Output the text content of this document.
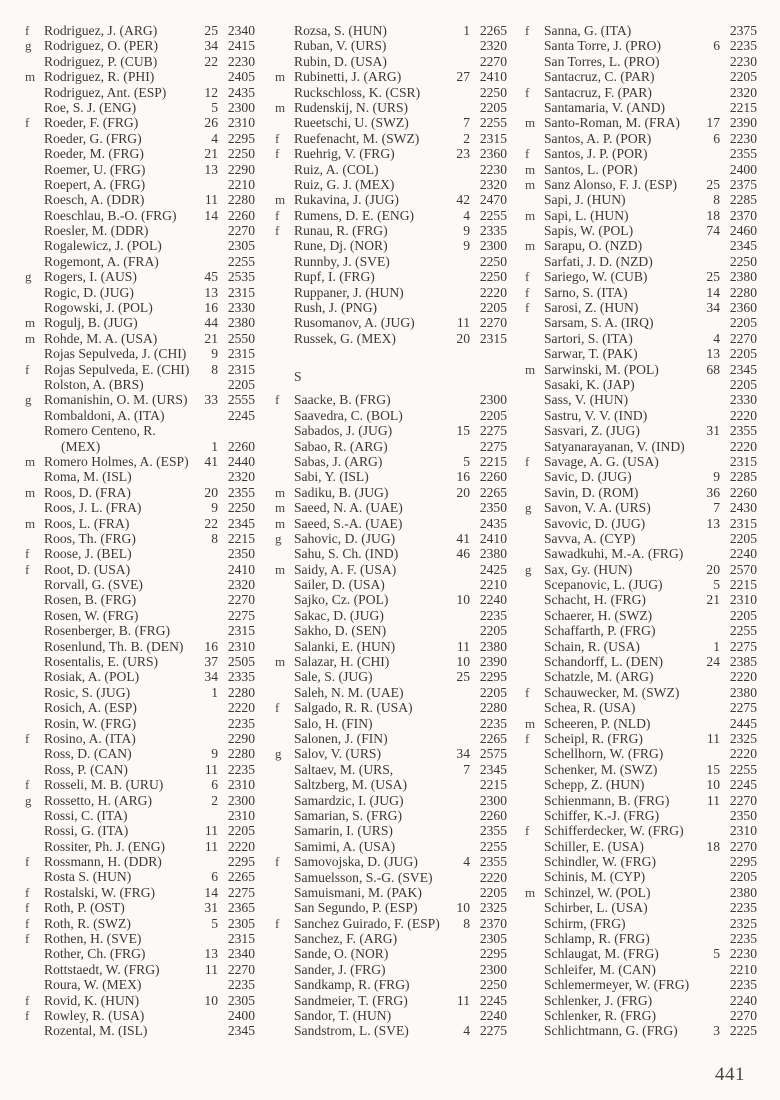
f	Rodriguez, J. (ARG)	25 2340
g Rodriguez, O. (PER)	34 2415
Rodriguez, P. (CUB)	22 2230
m Rodriguez, R. (PHI)	2405
Rodriguez, Ant. (ESP)	12 2435
Roe, S. J. (ENG)	5 2300
f	Roeder, F. (FRG)	26 2310
Roeder, G. (FRG)	4 2295
Roeder, M. (FRG)	21 2250
Roemer, U. (FRG)	13 2290
Roepert, A. (FRG)	2210
Roesch, A. (DDR)	11 2280
Roeschlau, B.-O. (FRG)	14 2260
Roesler, M. (DDR)	2270
Rogalewicz, J. (POL)	2305
Rogemont, A. (FRA)	2255
g Rogers, I. (AUS)	45 2535
Rogic, D. (JUG)	13 2315
Rogowski, J. (POL)	16 2330
m Rogulj, B. (JUG)	44 2380
m Rohde, M. A. (USA)	21 2550
Rojas Sepulveda, J. (CHI)	9 2315
f	Rojas Sepulveda, E. (CHI)	8 2315
Rolston, A. (BRS)	2205
g Romanishin, O. M. (URS)	33 2555
Rombaldoni, A. (ITA)	2245
Romero Centeno, R.
(MEX)	1 2260
m Romero Holmes, A. (ESP)	41 2440
Roma, M. (ISL)	2320
m Roos, D. (FRA)	20 2355
Roos, J. L. (FRA)	9 2250
m Roos, L. (FRA)	22 2345
Roos, Th. (FRG)	8 2215
f	Roose, J. (BEL)	2350
f	Root, D. (USA)	2410
Rorvall, G. (SVE)	2320
Rosen, B. (FRG)	2270
Rosen, W. (FRG)	2275
Rosenberger, B. (FRG)	2315
Rosenlund, Th. B. (DEN)	16 2310
Rosentalis, E. (URS)	37 2505
Rosiak, A. (POL)	34 2335
Rosic, S. (JUG)	1 2280
Rosich, A. (ESP)	2220
Rosin, W. (FRG)	2235
f	Rosino, A. (ITA)	2290
Ross, D. (CAN)	9 2280
Ross, P. (CAN)	11 2235
f	Rosseli, M. B. (URU)	6 2310
g Rossetto, H. (ARG)	2 2300
Rossi, C. (ITA)	2310
Rossi, G. (ITA)	11 2205
Rossiter, Ph. J. (ENG)	11 2220
f	Rossmann, H. (DDR)	2295
Rosta S. (HUN)	6 2265
f	Rostalski, W. (FRG)	14 2275
f	Roth, P. (OST)	31 2365
f	Roth, R. (SWZ)	5 2305
f	Rothen, H. (SVE)	2315
Rother, Ch. (FRG)	13 2340
Rottstaedt, W. (FRG)	11 2270
Roura, W. (MEX)	2235
f	Rovid, K. (HUN)	10 2305
f	Rowley, R. (USA)	2400
Rozental, M. (ISL)	2345
Rozsa, S. (HUN)	1 2265
Ruban, V. (URS)	2320
Rubin, D. (USA)	2270
m Rubinetti, J. (ARG)	27 2410
Ruckschloss, K. (CSR)	2250
m Rudenskij, N. (URS)	2205
Rueetschi, U. (SWZ)	7 2255
f	Ruefenacht, M. (SWZ)	2 2315
f	Ruehrig, V. (FRG)	23 2360
Ruiz, A. (COL)	2230
Ruiz, G. J. (MEX)	2320
m Rukavina, J. (JUG)	42 2470
f	Rumens, D. E. (ENG)	4 2255
f	Runau, R. (FRG)	9 2335
Rune, Dj. (NOR)	9 2300
Runnby, J. (SVE)	2250
Rupf, I. (FRG)	2250
Ruppaner, J. (HUN)	2220
Rush, J. (PNG)	2205
Rusomanov, A. (JUG)	11 2270
Russek, G. (MEX)	20 2315
S
f	Saacke, B. (FRG)	2300
Saavedra, C. (BOL)	2205
Sabados, J. (JUG)	15 2275
Sabao, R. (ARG)	2275
Sabas, J. (ARG)	5 2215
Sabi, Y. (ISL)	16 2260
m Sadiku, B. (JUG)	20 2265
m Saeed, N. A. (UAE)	2350
m Saeed, S.-A. (UAE)	2435
g Sahovic, D. (JUG)	41 2410
Sahu, S. Ch. (IND)	46 2380
m Saidy, A. F. (USA)	2425
Sailer, D. (USA)	2210
Sajko, Cz. (POL)	10 2240
Sakac, D. (JUG)	2235
Sakho, D. (SEN)	2205
Salanki, E. (HUN)	11 2380
m Salazar, H. (CHI)	10 2390
Sale, S. (JUG)	25 2295
Saleh, N. M. (UAE)	2205
f	Salgado, R. R. (USA)	2280
Salo, H. (FIN)	2235
Salonen, J. (FIN)	2265
g Salov, V. (URS)	34 2575
Saltaev, M. (URS,	7 2345
Saltzberg, M. (USA)	2215
Samardzic, I. (JUG)	2300
Samarian, S. (FRG)	2260
Samarin, I. (URS)	2355
Samimi, A. (USA)	2255
f	Samovojska, D. (JUG)	4 2355
Samuelsson, S.-G. (SVE)	2220
Samuismani, M. (PAK)	2205
San Segundo, P. (ESP)	10 2325
f	Sanchez Guirado, F. (ESP)	8 2370
Sanchez, F. (ARG)	2305
Sande, O. (NOR)	2295
Sander, J. (FRG)	2300
Sandkamp, R. (FRG)	2250
Sandmeier, T. (FRG)	11 2245
Sandor, T. (HUN)	2240
Sandstrom, L. (SVE)	4 2275
f	Sanna, G. (ITA)	2375
Santa Torre, J. (PRO)	6 2235
San Torres, L. (PRO)	2230
Santacruz, C. (PAR)	2205
f	Santacruz, F. (PAR)	2320
Santamaria, V. (AND)	2215
m Santo-Roman, M. (FRA)	17 2390
Santos, A. P. (POR)	6 2230
f	Santos, J. P. (POR)	2355
m Santos, L. (POR)	2400
m Sanz Alonso, F. J. (ESP)	25 2375
Sapi, J. (HUN)	8 2285
m Sapi, L. (HUN)	18 2370
Sapis, W. (POL)	74 2460
m Sarapu, O. (NZD)	2345
Sarfati, J. D. (NZD)	2250
f	Sariego, W. (CUB)	25 2380
f	Sarno, S. (ITA)	14 2280
f	Sarosi, Z. (HUN)	34 2360
Sarsam, S. A. (IRQ)	2205
Sartori, S. (ITA)	4 2270
Sarwar, T. (PAK)	13 2205
m Sarwinski, M. (POL)	68 2345
Sasaki, K. (JAP)	2205
Sass, V. (HUN)	2330
Sastru, V. V. (IND)	2220
Sasvari, Z. (JUG)	31 2355
Satyanarayanan, V. (IND)	2220
f	Savage, A. G. (USA)	2315
Savic, D. (JUG)	9 2285
Savin, D. (ROM)	36 2260
g Savon, V. A. (URS)	7 2430
Savovic, D. (JUG)	13 2315
Savva, A. (CYP)	2205
Sawadkuhi, M.-A. (FRG)	2240
g Sax, Gy. (HUN)	20 2570
Scepanovic, L. (JUG)	5 2215
Schacht, H. (FRG)	21 2310
Schaerer, H. (SWZ)	2205
Schaffarth, P. (FRG)	2255
Schain, R. (USA)	1 2275
Schandorff, L. (DEN)	24 2385
Schatzle, M. (ARG)	2220
f	Schauwecker, M. (SWZ)	2380
Schea, R. (USA)	2275
m Scheeren, P. (NLD)	2445
f	Scheipl, R. (FRG)	11 2325
Schellhorn, W. (FRG)	2220
Schenker, M. (SWZ)	15 2255
Schepp, Z. (HUN)	10 2245
Schienmann, B. (FRG)	11 2270
Schiffer, K.-J. (FRG)	2350
f	Schifferdecker, W. (FRG)	2310
Schiller, E. (USA)	18 2270
Schindler, W. (FRG)	2295
Schinis, M. (CYP)	2205
m Schinzel, W. (POL)	2380
Schirber, L. (USA)	2235
Schirm, (FRG)	2325
Schlamp, R. (FRG)	2235
Schlaugat, M. (FRG)	5 2230
Schleifer, M. (CAN)	2210
Schlemermeyer, W. (FRG)	2235
Schlenker, J. (FRG)	2240
Schlenker, R. (FRG)	2270
Schlichtmann, G. (FRG)	3 2225
441
